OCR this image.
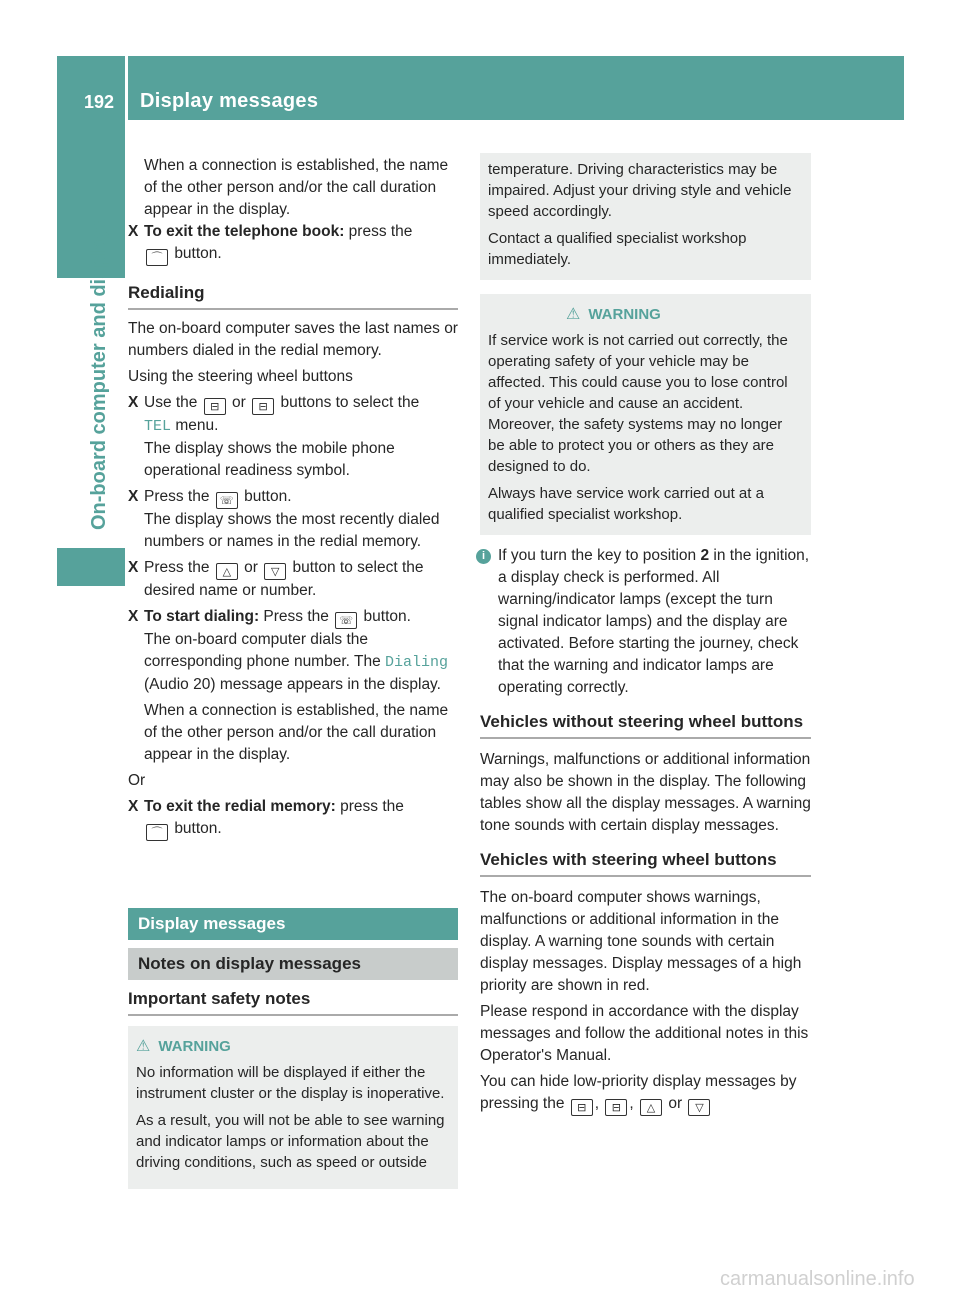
192 Display messages
On-board computer and displays

When a connection is established, the name of the other person and/or the call duration appear in the display.

X To exit the telephone book: press the
⌒ button.

Redialing

The on-board computer saves the last names or numbers dialed in the redial memory.

Using the steering wheel buttons

X Use the ⊟ or ⊟ buttons to select the
TEL menu.
The display shows the mobile phone operational readiness symbol.

X Press the ☏ button.
The display shows the most recently dialed numbers or names in the redial memory.

X Press the △ or ▽ button to select the desired name or number.

X To start dialing: Press the ☏ button.
The on-board computer dials the corresponding phone number. The Dialing (Audio 20) message appears in the display.

When a connection is established, the name of the other person and/or the call duration appear in the display.

Or

X To exit the redial memory: press the
⌒ button.

Display messages
Notes on display messages

Important safety notes

⚠ WARNING

No information will be displayed if either the instrument cluster or the display is inoperative.

As a result, you will not be able to see warning and indicator lamps or information about the driving conditions, such as speed or outside

temperature. Driving characteristics may be impaired. Adjust your driving style and vehicle speed accordingly.

Contact a qualified specialist workshop immediately.

⚠ WARNING

If service work is not carried out correctly, the operating safety of your vehicle may be affected. This could cause you to lose control of your vehicle and cause an accident. Moreover, the safety systems may no longer be able to protect you or others as they are designed to do.

Always have service work carried out at a qualified specialist workshop.

i If you turn the key to position 2 in the ignition, a display check is performed. All warning/indicator lamps (except the turn signal indicator lamps) and the display are activated. Before starting the journey, check that the warning and indicator lamps are operating correctly.

Vehicles without steering wheel buttons

Warnings, malfunctions or additional information may also be shown in the display. The following tables show all the display messages. A warning tone sounds with certain display messages.

Vehicles with steering wheel buttons

The on-board computer shows warnings, malfunctions or additional information in the display. A warning tone sounds with certain display messages. Display messages of a high priority are shown in red.

Please respond in accordance with the display messages and follow the additional notes in this Operator's Manual.

You can hide low-priority display messages by pressing the ⊟ , ⊟ , △ or ▽

carmanualsonline.info
